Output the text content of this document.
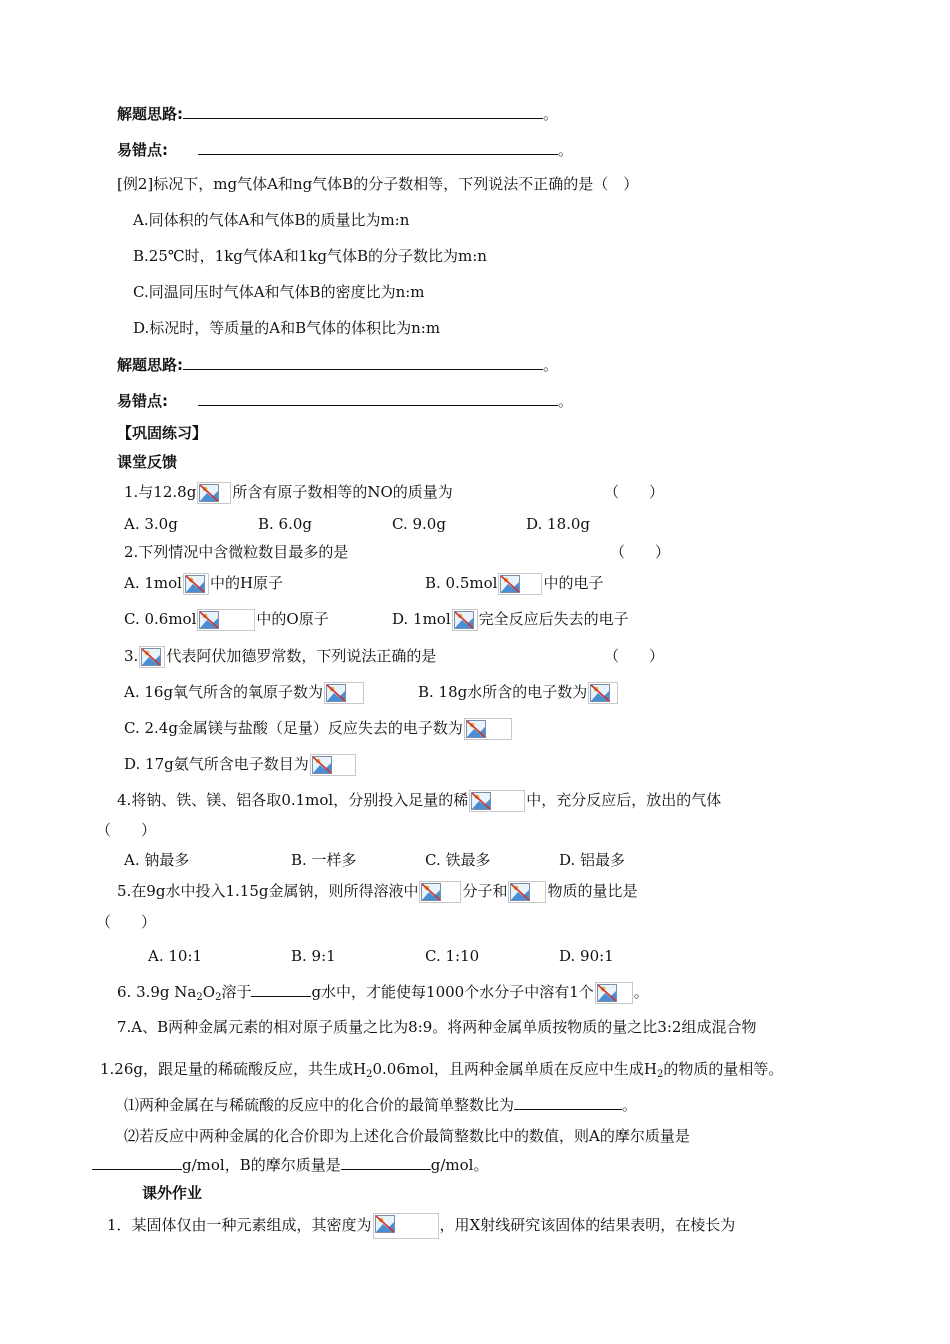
解题思路:	。
易错点:	。
[例2]标况下，mg气体A和ng气体B的分子数相等，下列说法不正确的是（　）
A.同体积的气体A和气体B的质量比为m:n
B.25℃时，1kg气体A和1kg气体B的分子数比为m:n
C.同温同压时气体A和气体B的密度比为n:m
D.标况时，等质量的A和B气体的体积比为n:m
解题思路:	。
易错点:	。
【巩固练习】
课堂反馈
1.与12.8g 所含有原子数相等的NO的质量为	（　　）
A. 3.0g	B. 6.0g	C. 9.0g	D. 18.0g
2.下列情况中含微粒数目最多的是	（　　）
A. 1mol 中的H原子	B. 0.5mol	中的电子
C. 0.6mol	中的O原子	D. 1mol 完全反应后失去的电子
3. 代表阿伏加德罗常数，下列说法正确的是	（　　）
A. 16g氧气所含的氧原子数为	B. 18g水所含的电子数为
C. 2.4g金属镁与盐酸（足量）反应失去的电子数为
D. 17g氨气所含电子数目为
4.将钠、铁、镁、铝各取0.1mol，分别投入足量的稀	中，充分反应后，放出的气体
（　　）
A. 钠最多	B. 一样多	C. 铁最多	D. 铝最多
5.在9g水中投入1.15g金属钠，则所得溶液中	分子和	物质的量比是
（　　）
A. 10:1	B. 9:1	C. 1:10	D. 90:1
6. 3.9g $Na_2O_2$溶于	g水中，才能使每1000个水分子中溶有1个	。
7.A、B两种金属元素的相对原子质量之比为8:9。将两种金属单质按物质的量之比3:2组成混合物
1.26g，跟足量的稀硫酸反应，共生成$H_20.06mol$，且两种金属单质在反应中生成$H_2$的物质的量相等。
⑴两种金属在与稀硫酸的反应中的化合价的最简单整数比为	。
⑵若反应中两种金属的化合价即为上述化合价最简整数比中的数值，则A的摩尔质量是
g/mol，B的摩尔质量是	g/mol。
课外作业
1．某固体仅由一种元素组成，其密度为	，用X射线研究该固体的结果表明，在棱长为
